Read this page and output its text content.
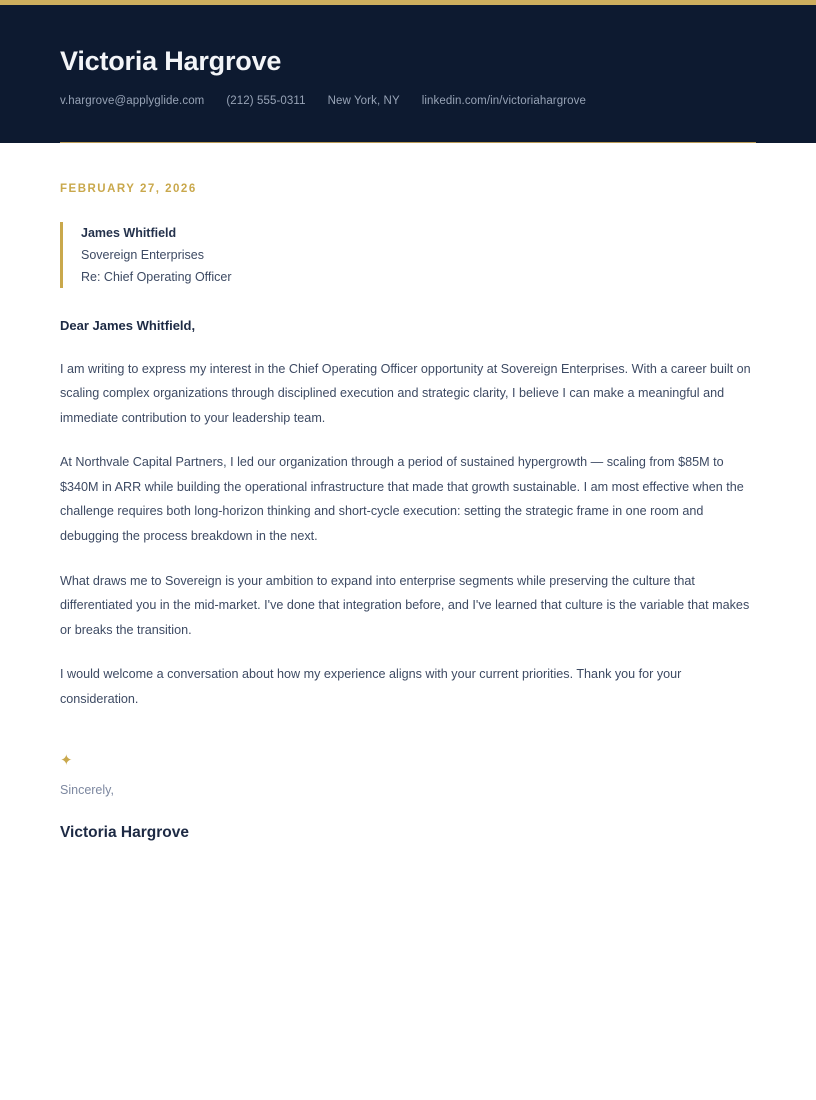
Victoria Hargrove
v.hargrove@applyglide.com (212) 555-0311 New York, NY linkedin.com/in/victoriahargrove
FEBRUARY 27, 2026
James Whitfield
Sovereign Enterprises
Re: Chief Operating Officer
Dear James Whitfield,

I am writing to express my interest in the Chief Operating Officer opportunity at Sovereign Enterprises. With a career built on scaling complex organizations through disciplined execution and strategic clarity, I believe I can make a meaningful and immediate contribution to your leadership team.

At Northvale Capital Partners, I led our organization through a period of sustained hypergrowth — scaling from $85M to $340M in ARR while building the operational infrastructure that made that growth sustainable. I am most effective when the challenge requires both long-horizon thinking and short-cycle execution: setting the strategic frame in one room and debugging the process breakdown in the next.

What draws me to Sovereign is your ambition to expand into enterprise segments while preserving the culture that differentiated you in the mid-market. I've done that integration before, and I've learned that culture is the variable that makes or breaks the transition.

I would welcome a conversation about how my experience aligns with your current priorities. Thank you for your consideration.

✦
Sincerely,
Victoria Hargrove
